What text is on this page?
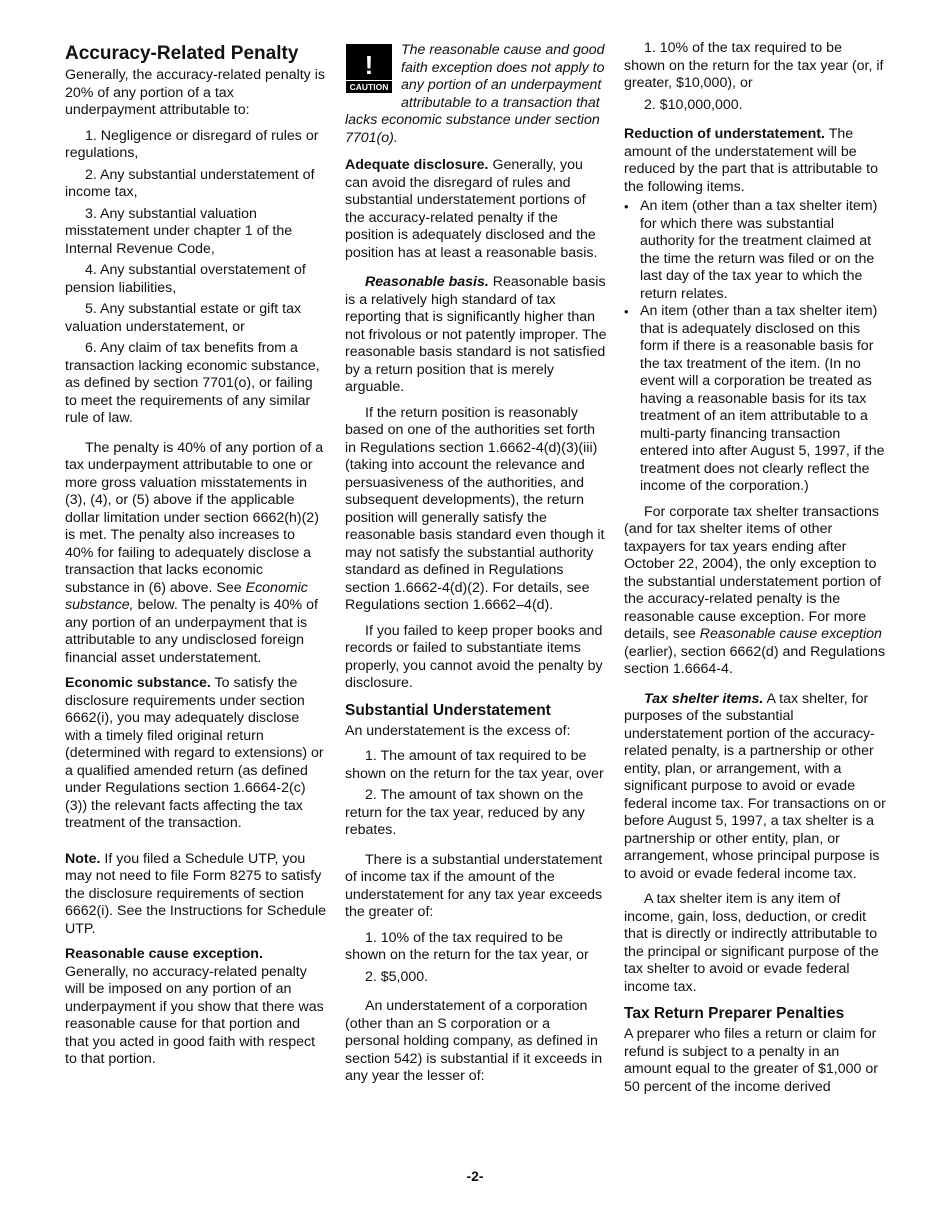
Accuracy-Related Penalty

Generally, the accuracy-related penalty is 20% of any portion of a tax underpayment attributable to:

1. Negligence or disregard of rules or regulations,

2. Any substantial understatement of income tax,

3. Any substantial valuation misstatement under chapter 1 of the Internal Revenue Code,

4. Any substantial overstatement of pension liabilities,

5. Any substantial estate or gift tax valuation understatement, or

6. Any claim of tax benefits from a transaction lacking economic substance, as defined by section 7701(o), or failing to meet the requirements of any similar rule of law.

The penalty is 40% of any portion of a tax underpayment attributable to one or more gross valuation misstatements in (3), (4), or (5) above if the applicable dollar limitation under section 6662(h)(2) is met. The penalty also increases to 40% for failing to adequately disclose a transaction that lacks economic substance in (6) above. See Economic substance, below. The penalty is 40% of any portion of an underpayment that is attributable to any undisclosed foreign financial asset understatement.

Economic substance. To satisfy the disclosure requirements under section 6662(i), you may adequately disclose with a timely filed original return (determined with regard to extensions) or a qualified amended return (as defined under Regulations section 1.6664-2(c)(3)) the relevant facts affecting the tax treatment of the transaction.

Note. If you filed a Schedule UTP, you may not need to file Form 8275 to satisfy the disclosure requirements of section 6662(i). See the Instructions for Schedule UTP.

Reasonable cause exception.
Generally, no accuracy-related penalty will be imposed on any portion of an underpayment if you show that there was reasonable cause for that portion and that you acted in good faith with respect to that portion.

!
CAUTION

The reasonable cause and good faith exception does not apply to any portion of an underpayment attributable to a transaction that lacks economic substance under section 7701(o).

Adequate disclosure. Generally, you can avoid the disregard of rules and substantial understatement portions of the accuracy-related penalty if the position is adequately disclosed and the position has at least a reasonable basis.

Reasonable basis. Reasonable basis is a relatively high standard of tax reporting that is significantly higher than not frivolous or not patently improper. The reasonable basis standard is not satisfied by a return position that is merely arguable.

If the return position is reasonably based on one of the authorities set forth in Regulations section 1.6662-4(d)(3)(iii) (taking into account the relevance and persuasiveness of the authorities, and subsequent developments), the return position will generally satisfy the reasonable basis standard even though it may not satisfy the substantial authority standard as defined in Regulations section 1.6662-4(d)(2). For details, see Regulations section 1.6662–4(d).

If you failed to keep proper books and records or failed to substantiate items properly, you cannot avoid the penalty by disclosure.

Substantial Understatement

An understatement is the excess of:

1. The amount of tax required to be shown on the return for the tax year, over

2. The amount of tax shown on the return for the tax year, reduced by any rebates.

There is a substantial understatement of income tax if the amount of the understatement for any tax year exceeds the greater of:

1. 10% of the tax required to be shown on the return for the tax year, or

2. $5,000.

An understatement of a corporation (other than an S corporation or a personal holding company, as defined in section 542) is substantial if it exceeds in any year the lesser of:

1. 10% of the tax required to be shown on the return for the tax year (or, if greater, $10,000), or

2. $10,000,000.

Reduction of understatement. The amount of the understatement will be reduced by the part that is attributable to the following items.

• An item (other than a tax shelter item) for which there was substantial authority for the treatment claimed at the time the return was filed or on the last day of the tax year to which the return relates.
• An item (other than a tax shelter item) that is adequately disclosed on this form if there is a reasonable basis for the tax treatment of the item. (In no event will a corporation be treated as having a reasonable basis for its tax treatment of an item attributable to a multi-party financing transaction entered into after August 5, 1997, if the treatment does not clearly reflect the income of the corporation.)

For corporate tax shelter transactions (and for tax shelter items of other taxpayers for tax years ending after October 22, 2004), the only exception to the substantial understatement portion of the accuracy-related penalty is the reasonable cause exception. For more details, see Reasonable cause exception (earlier), section 6662(d) and Regulations section 1.6664-4.

Tax shelter items. A tax shelter, for purposes of the substantial understatement portion of the accuracy-related penalty, is a partnership or other entity, plan, or arrangement, with a significant purpose to avoid or evade federal income tax. For transactions on or before August 5, 1997, a tax shelter is a partnership or other entity, plan, or arrangement, whose principal purpose is to avoid or evade federal income tax.

A tax shelter item is any item of income, gain, loss, deduction, or credit that is directly or indirectly attributable to the principal or significant purpose of the tax shelter to avoid or evade federal income tax.

Tax Return Preparer Penalties

A preparer who files a return or claim for refund is subject to a penalty in an amount equal to the greater of $1,000 or 50 percent of the income derived

-2-
